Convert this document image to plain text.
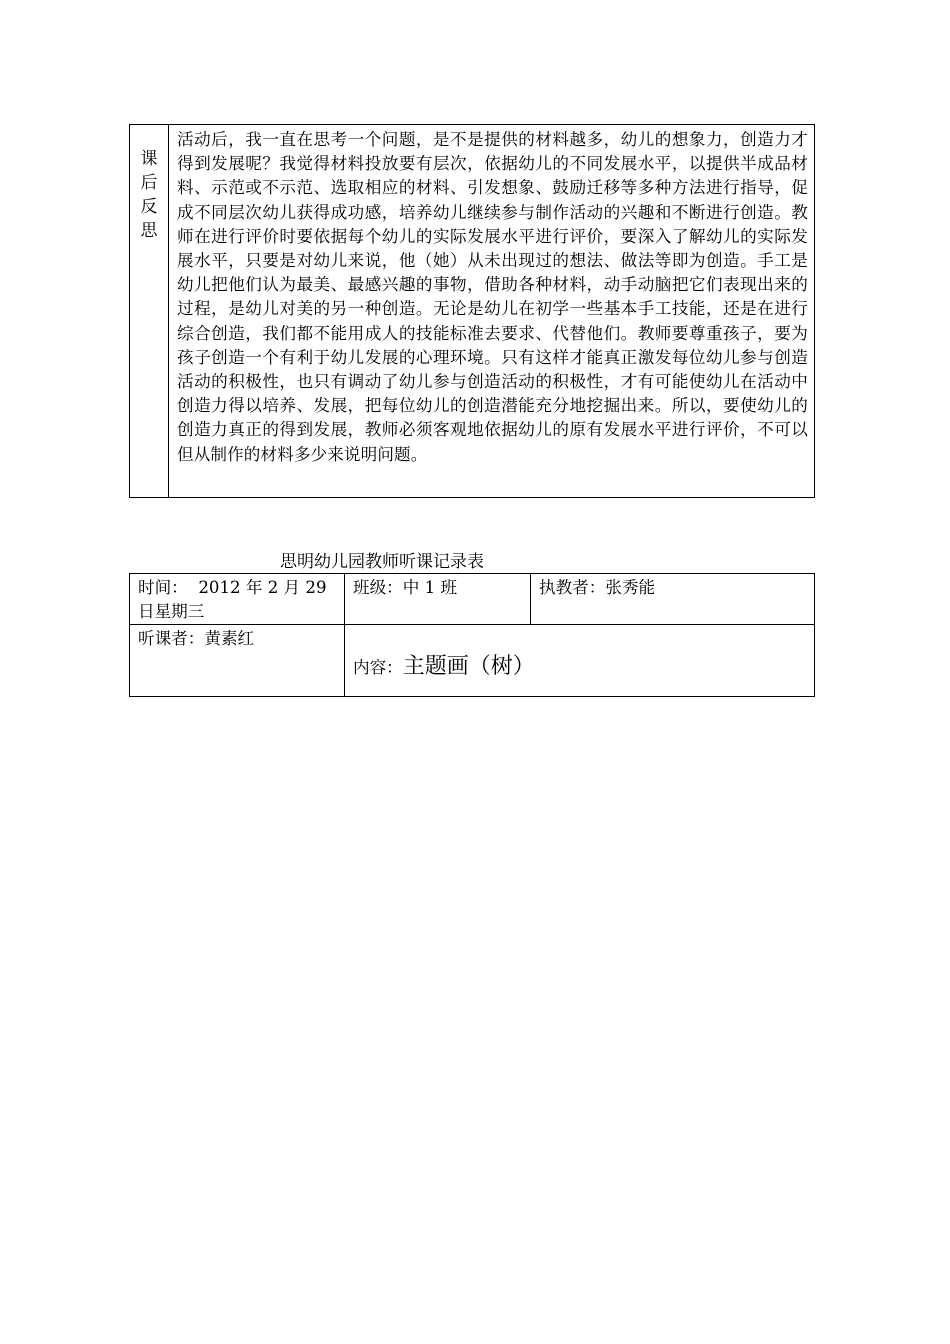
课
后
反
思
活动后，我一直在思考一个问题，是不是提供的材料越多，幼儿的想象力，创造力才得到发展呢？我觉得材料投放要有层次，依据幼儿的不同发展水平，以提供半成品材料、示范或不示范、选取相应的材料、引发想象、鼓励迁移等多种方法进行指导，促成不同层次幼儿获得成功感，培养幼儿继续参与制作活动的兴趣和不断进行创造。教师在进行评价时要依据每个幼儿的实际发展水平进行评价，要深入了解幼儿的实际发展水平，只要是对幼儿来说，他（她）从未出现过的想法、做法等即为创造。手工是幼儿把他们认为最美、最感兴趣的事物，借助各种材料，动手动脑把它们表现出来的过程，是幼儿对美的另一种创造。无论是幼儿在初学一些基本手工技能，还是在进行综合创造，我们都不能用成人的技能标准去要求、代替他们。教师要尊重孩子，要为孩子创造一个有利于幼儿发展的心理环境。只有这样才能真正激发每位幼儿参与创造活动的积极性，也只有调动了幼儿参与创造活动的积极性，才有可能使幼儿在活动中创造力得以培养、发展，把每位幼儿的创造潜能充分地挖掘出来。所以，要使幼儿的创造力真正的得到发展，教师必须客观地依据幼儿的原有发展水平进行评价，不可以但从制作的材料多少来说明问题。
思明幼儿园教师听课记录表
时间：  2012 年 2 月 29
日星期三
班级：中 1 班	执教者：张秀能
听课者：黄素红
内容：主题画（树）
